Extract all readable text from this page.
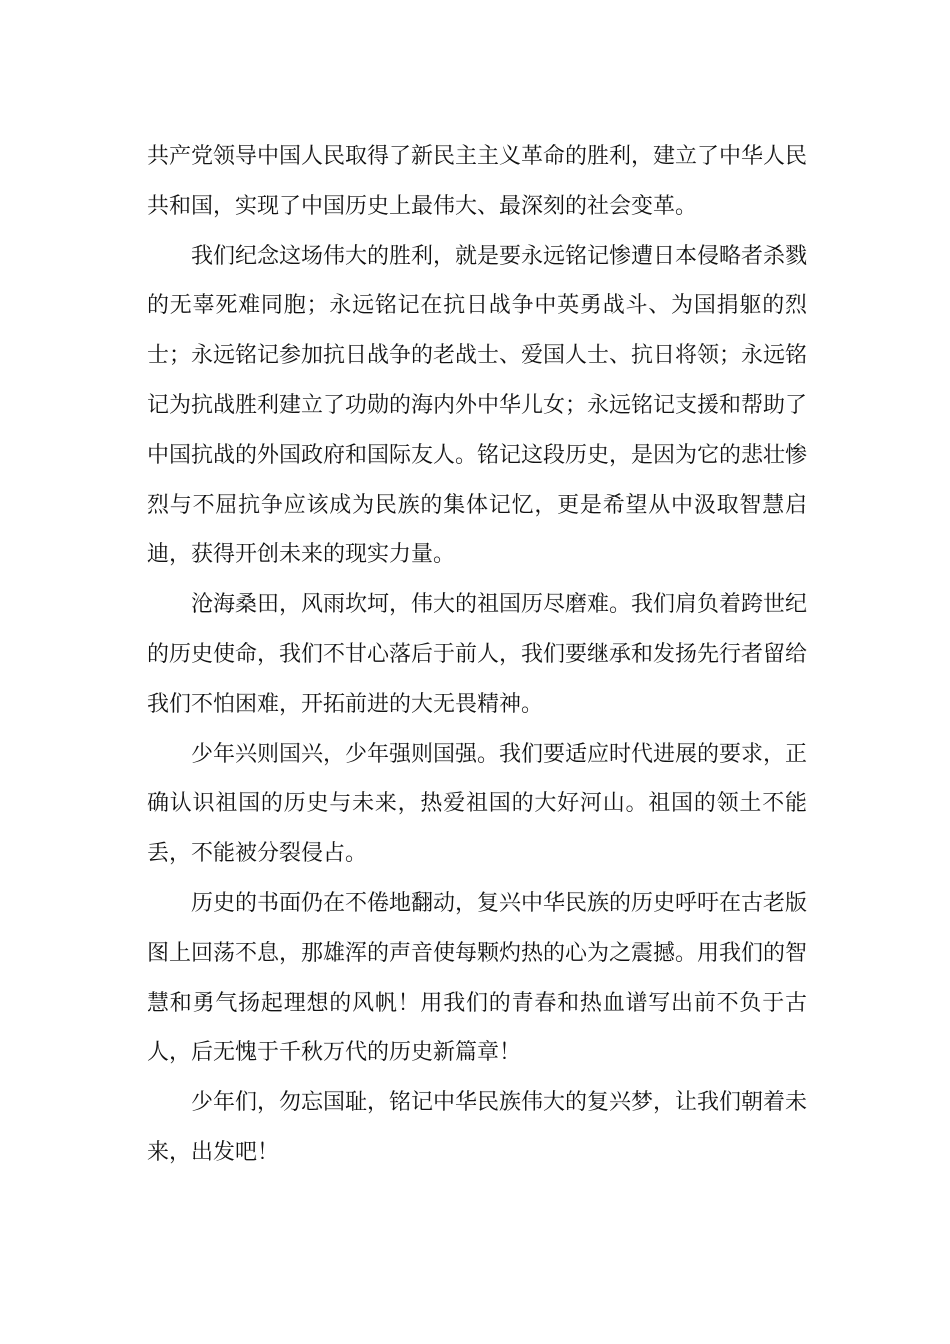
共产党领导中国人民取得了新民主主义革命的胜利，建立了中华人民共和国，实现了中国历史上最伟大、最深刻的社会变革。

我们纪念这场伟大的胜利，就是要永远铭记惨遭日本侵略者杀戮的无辜死难同胞；永远铭记在抗日战争中英勇战斗、为国捐躯的烈士；永远铭记参加抗日战争的老战士、爱国人士、抗日将领；永远铭记为抗战胜利建立了功勋的海内外中华儿女；永远铭记支援和帮助了中国抗战的外国政府和国际友人。铭记这段历史，是因为它的悲壮惨烈与不屈抗争应该成为民族的集体记忆，更是希望从中汲取智慧启迪，获得开创未来的现实力量。

沧海桑田，风雨坎坷，伟大的祖国历尽磨难。我们肩负着跨世纪的历史使命，我们不甘心落后于前人，我们要继承和发扬先行者留给我们不怕困难，开拓前进的大无畏精神。

少年兴则国兴，少年强则国强。我们要适应时代进展的要求，正确认识祖国的历史与未来，热爱祖国的大好河山。祖国的领土不能丢，不能被分裂侵占。

历史的书面仍在不倦地翻动，复兴中华民族的历史呼吁在古老版图上回荡不息，那雄浑的声音使每颗灼热的心为之震撼。用我们的智慧和勇气扬起理想的风帆！用我们的青春和热血谱写出前不负于古人，后无愧于千秋万代的历史新篇章！

少年们，勿忘国耻，铭记中华民族伟大的复兴梦，让我们朝着未来，出发吧！
